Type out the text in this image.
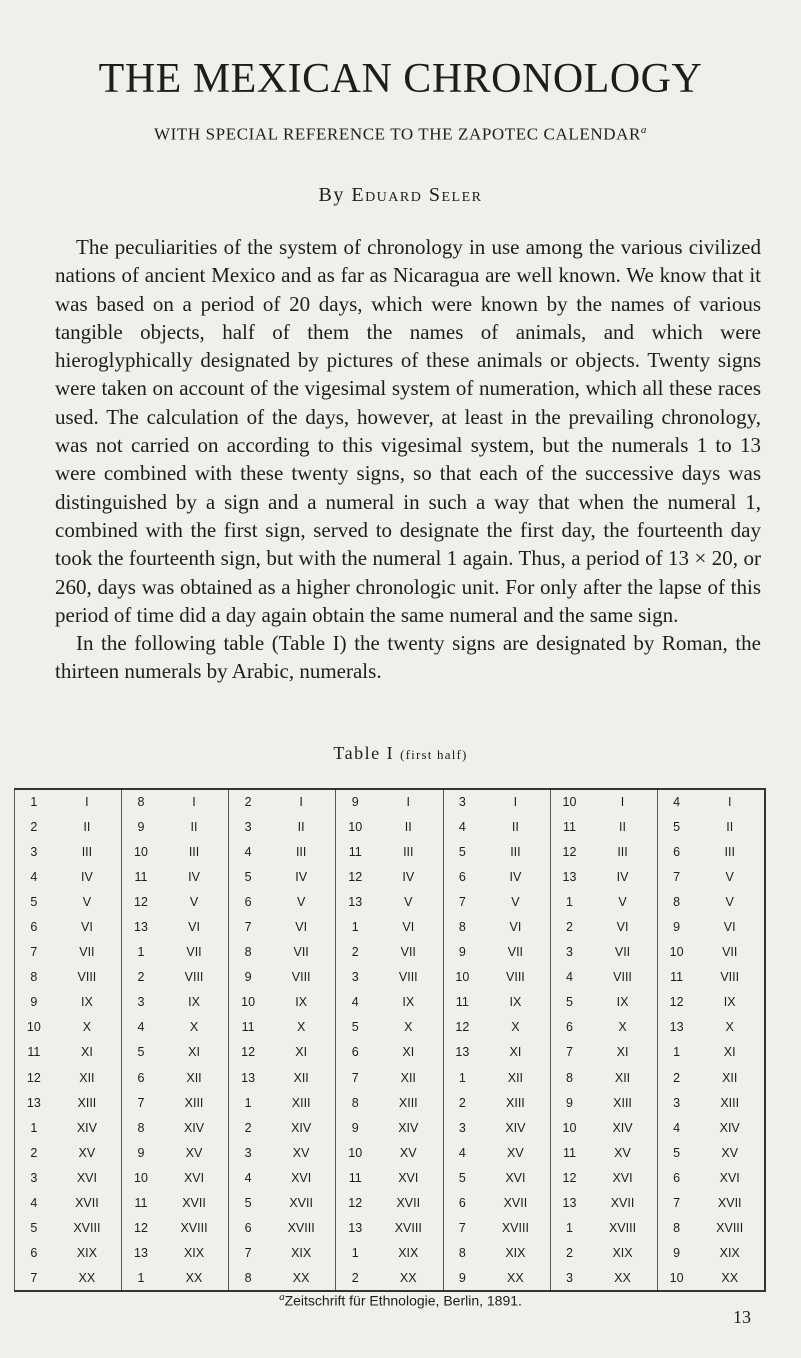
THE MEXICAN CHRONOLOGY
WITH SPECIAL REFERENCE TO THE ZAPOTEC CALENDAR$^a$
By Eduard Seler

The peculiarities of the system of chronology in use among the various civilized nations of ancient Mexico and as far as Nicaragua are well known. We know that it was based on a period of 20 days, which were known by the names of various tangible objects, half of them the names of animals, and which were hieroglyphically designated by pictures of these animals or objects. Twenty signs were taken on account of the vigesimal system of numeration, which all these races used. The calculation of the days, however, at least in the prevailing chronology, was not carried on according to this vigesimal system, but the numerals 1 to 13 were combined with these twenty signs, so that each of the successive days was distinguished by a sign and a numeral in such a way that when the numeral 1, combined with the first sign, served to designate the first day, the fourteenth day took the fourteenth sign, but with the numeral 1 again. Thus, a period of 13 × 20, or 260, days was obtained as a higher chronologic unit. For only after the lapse of this period of time did a day again obtain the same numeral and the same sign.

In the following table (Table I) the twenty signs are designated by Roman, the thirteen numerals by Arabic, numerals.

Table I (first half)
1	I	8	I	2	I	9	I	3	I	10	I	4	I
2	II	9	II	3	II	10	II	4	II	11	II	5	II
3	III	10	III	4	III	11	III	5	III	12	III	6	III
4	IV	11	IV	5	IV	12	IV	6	IV	13	IV	7	V
5	V	12	V	6	V	13	V	7	V	1	V	8	V
6	VI	13	VI	7	VI	1	VI	8	VI	2	VI	9	VI
7	VII	1	VII	8	VII	2	VII	9	VII	3	VII	10	VII
8	VIII	2	VIII	9	VIII	3	VIII	10	VIII	4	VIII	11	VIII
9	IX	3	IX	10	IX	4	IX	11	IX	5	IX	12	IX
10	X	4	X	11	X	5	X	12	X	6	X	13	X
11	XI	5	XI	12	XI	6	XI	13	XI	7	XI	1	XI
12	XII	6	XII	13	XII	7	XII	1	XII	8	XII	2	XII
13	XIII	7	XIII	1	XIII	8	XIII	2	XIII	9	XIII	3	XIII
1	XIV	8	XIV	2	XIV	9	XIV	3	XIV	10	XIV	4	XIV
2	XV	9	XV	3	XV	10	XV	4	XV	11	XV	5	XV
3	XVI	10	XVI	4	XVI	11	XVI	5	XVI	12	XVI	6	XVI
4	XVII	11	XVII	5	XVII	12	XVII	6	XVII	13	XVII	7	XVII
5	XVIII	12	XVIII	6	XVIII	13	XVIII	7	XVIII	1	XVIII	8	XVIII
6	XIX	13	XIX	7	XIX	1	XIX	8	XIX	2	XIX	9	XIX
7	XX	1	XX	8	XX	2	XX	9	XX	3	XX	10	XX
$^a$Zeitschrift für Ethnologie, Berlin, 1891.
13
